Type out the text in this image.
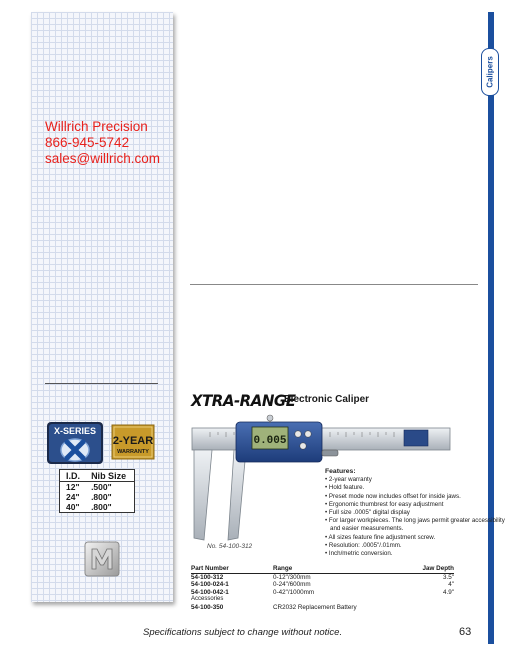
Willrich Precision
866-945-5742
sales@willrich.com
X-SERIES
2-YEAR
WARRANTY
I.D.	Nib Size
12"	.500"
24"	.800"
40"	.800"
Calipers
XTRA-RANGE
Electronic Caliper
0.005
No. 54-100-312
Features:
• 2-year warranty
• Hold feature.
• Preset mode now includes offset for inside jaws.
• Ergonomic thumbrest for easy adjustment
• Full size .0005" digital display
• For larger workpieces. The long jaws permit greater accessibility and easier measurements.
• All sizes feature fine adjustment screw.
• Resolution: .0005"/.01mm.
• Inch/metric conversion.
Part Number	Range	Jaw Depth
54-100-312	0-12"/300mm	3.5"
54-100-024-1	0-24"/600mm	4"
54-100-042-1	0-42"/1000mm	4.9"
Accessories		
54-100-350	CR2032 Replacement Battery	
Specifications subject to change without notice.	63
